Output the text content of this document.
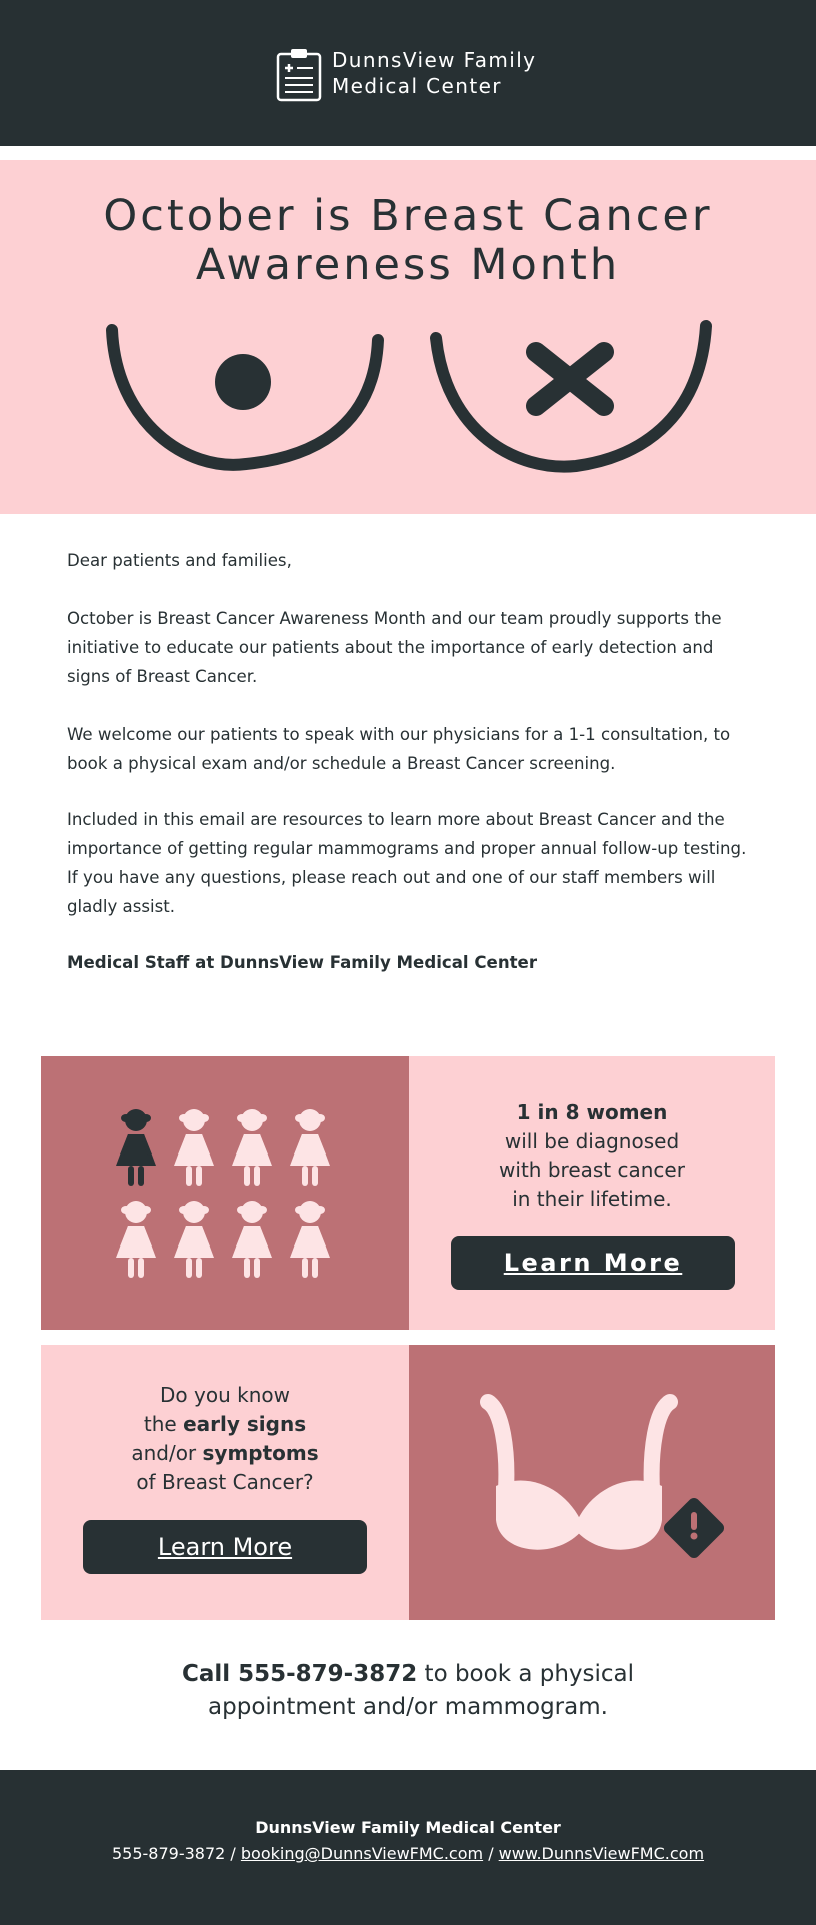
DunnsView Family
Medical Center
October is Breast Cancer
Awareness Month

Dear patients and families,

October is Breast Cancer Awareness Month and our team proudly supports the initiative to educate our patients about the importance of early detection and signs of Breast Cancer.

We welcome our patients to speak with our physicians for a 1-1 consultation, to book a physical exam and/or schedule a Breast Cancer screening.

Included in this email are resources to learn more about Breast Cancer and the importance of getting regular mammograms and proper annual follow-up testing. If you have any questions, please reach out and one of our staff members will gladly assist.

Medical Staff at DunnsView Family Medical Center

1 in 8 women
will be diagnosed
with breast cancer
in their lifetime.
Learn More
Do you know
the early signs
and/or symptoms
of Breast Cancer?
Learn More
Call 555-879-3872 to book a physical
appointment and/or mammogram.
DunnsView Family Medical Center
555-879-3872 / booking@DunnsViewFMC.com / www.DunnsViewFMC.com
